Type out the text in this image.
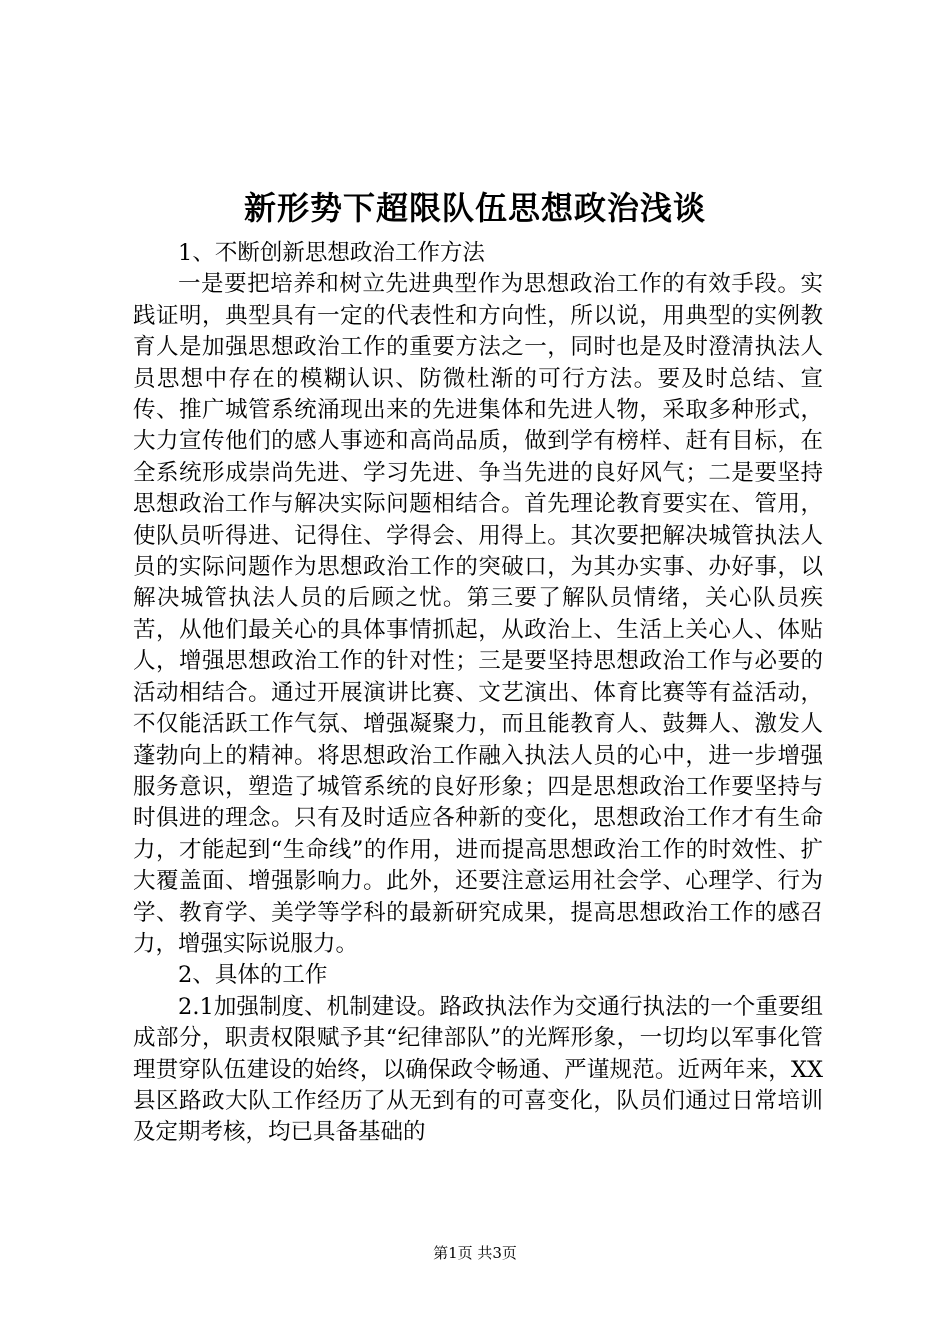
新形势下超限队伍思想政治浅谈

1、不断创新思想政治工作方法

一是要把培养和树立先进典型作为思想政治工作的有效手段。实践证明，典型具有一定的代表性和方向性，所以说，用典型的实例教育人是加强思想政治工作的重要方法之一，同时也是及时澄清执法人员思想中存在的模糊认识、防微杜渐的可行方法。要及时总结、宣传、推广城管系统涌现出来的先进集体和先进人物，采取多种形式，大力宣传他们的感人事迹和高尚品质，做到学有榜样、赶有目标，在全系统形成崇尚先进、学习先进、争当先进的良好风气；二是要坚持思想政治工作与解决实际问题相结合。首先理论教育要实在、管用，使队员听得进、记得住、学得会、用得上。其次要把解决城管执法人员的实际问题作为思想政治工作的突破口，为其办实事、办好事，以解决城管执法人员的后顾之忧。第三要了解队员情绪，关心队员疾苦，从他们最关心的具体事情抓起，从政治上、生活上关心人、体贴人，增强思想政治工作的针对性；三是要坚持思想政治工作与必要的活动相结合。通过开展演讲比赛、文艺演出、体育比赛等有益活动，不仅能活跃工作气氛、增强凝聚力，而且能教育人、鼓舞人、激发人蓬勃向上的精神。将思想政治工作融入执法人员的心中，进一步增强服务意识，塑造了城管系统的良好形象；四是思想政治工作要坚持与时俱进的理念。只有及时适应各种新的变化，思想政治工作才有生命力，才能起到“生命线”的作用，进而提高思想政治工作的时效性、扩大覆盖面、增强影响力。此外，还要注意运用社会学、心理学、行为学、教育学、美学等学科的最新研究成果，提高思想政治工作的感召力，增强实际说服力。

2、具体的工作

2.1加强制度、机制建设。路政执法作为交通行执法的一个重要组成部分，职责权限赋予其“纪律部队”的光辉形象，一切均以军事化管理贯穿队伍建设的始终，以确保政令畅通、严谨规范。近两年来，XX县区路政大队工作经历了从无到有的可喜变化，队员们通过日常培训及定期考核，均已具备基础的

第1页 共3页
